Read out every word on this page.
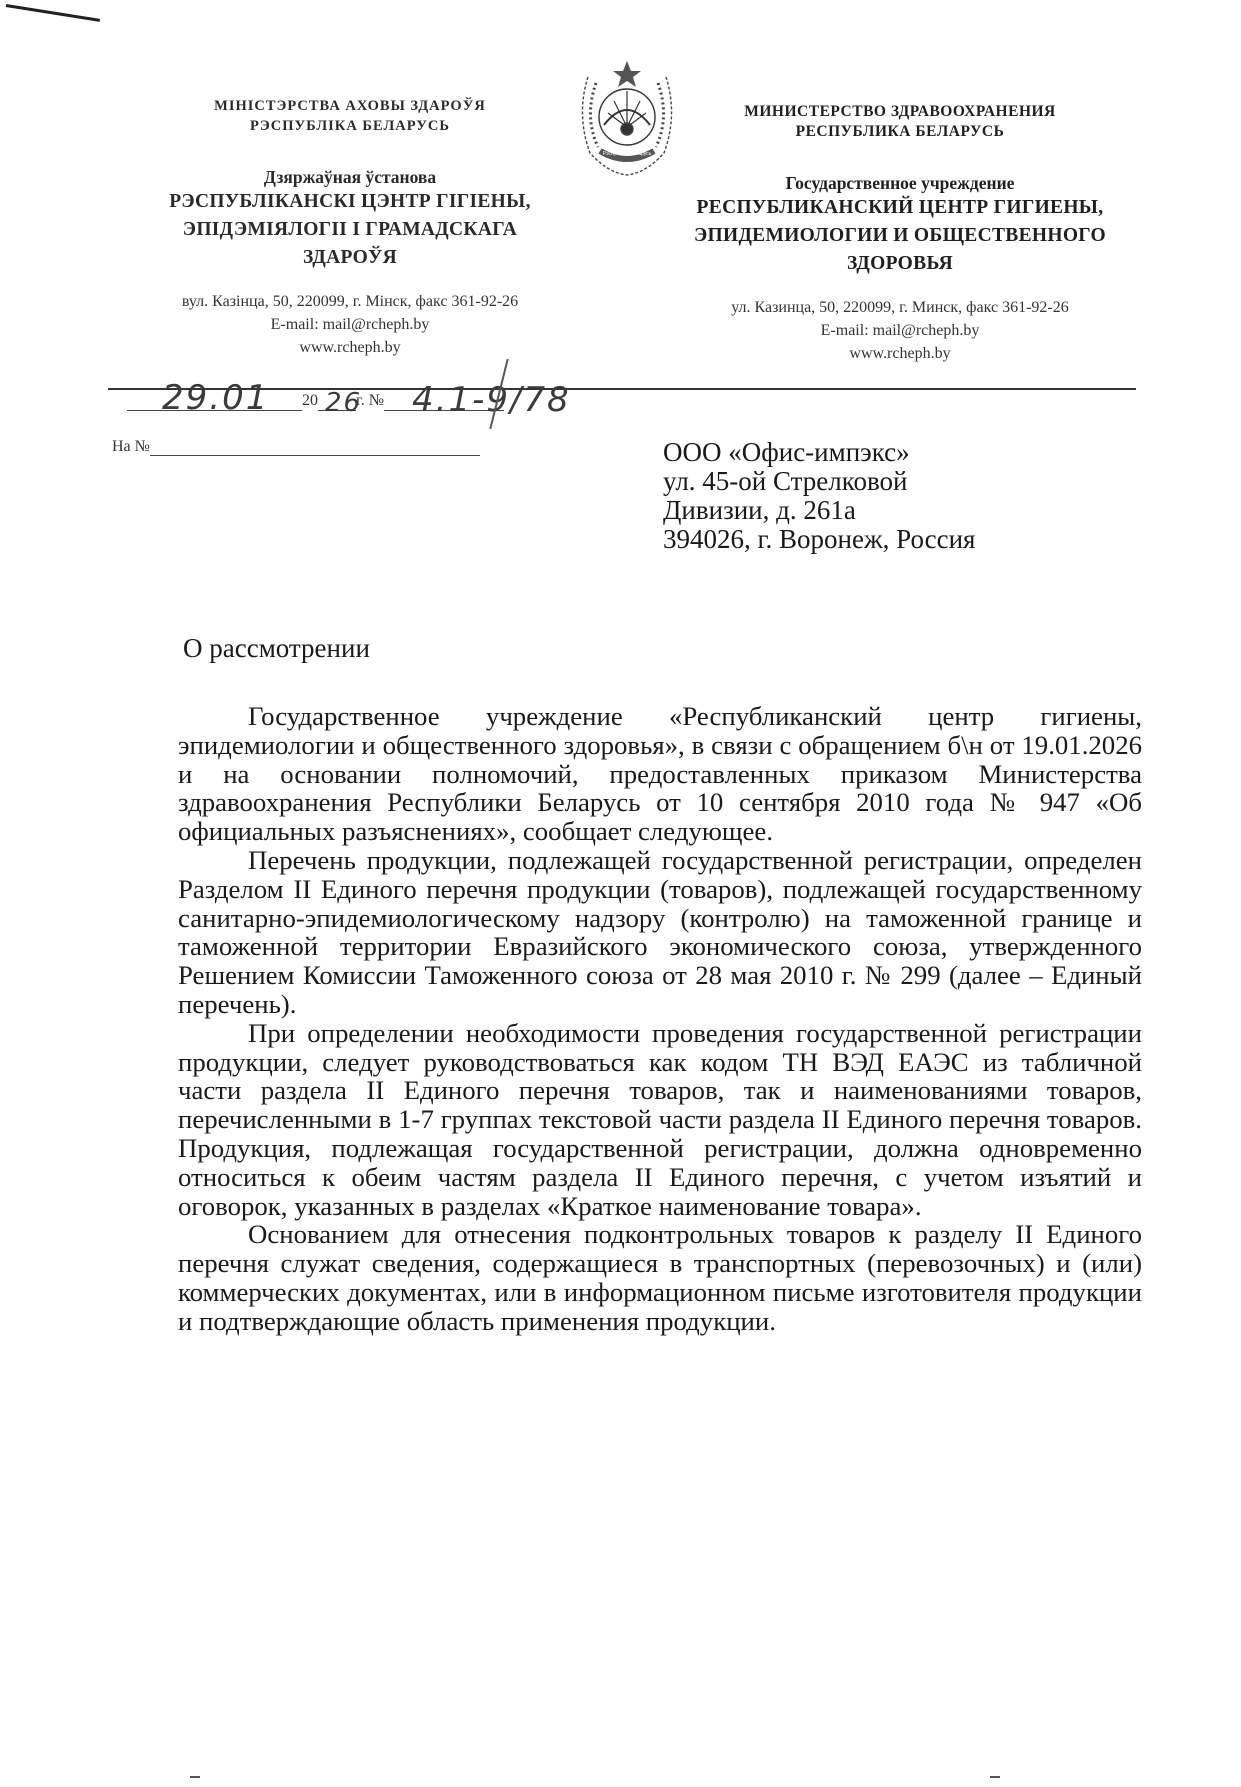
МІНІСТЭРСТВА АХОВЫ ЗДАРОЎЯ
РЭСПУБЛІКА БЕЛАРУСЬ
Дзяржаўная ўстанова
РЭСПУБЛІКАНСКІ ЦЭНТР ГІГІЕНЫ,
ЭПІДЭМІЯЛОГІІ І ГРАМАДСКАГА
ЗДАРОЎЯ
вул. Казінца, 50, 220099, г. Мінск, факс 361-92-26
E-mail: mail@rcheph.by
www.rcheph.by
Рэспубліка Беларусь
МИНИСТЕРСТВО ЗДРАВООХРАНЕНИЯ
РЕСПУБЛИКА БЕЛАРУСЬ
Государственное учреждение
РЕСПУБЛИКАНСКИЙ ЦЕНТР ГИГИЕНЫ,
ЭПИДЕМИОЛОГИИ И ОБЩЕСТВЕННОГО
ЗДОРОВЬЯ
ул. Казинца, 50, 220099, г. Минск, факс 361-92-26
E-mail: mail@rcheph.by
www.rcheph.by
20 г. №
29.01 26 4.1-9/78
На №	ООО «Офис-импэкс»
ул. 45-ой Стрелковой
Дивизии, д. 261а
394026, г. Воронеж, Россия
О рассмотрении

Государственное учреждение «Республиканский центр гигиены, эпидемиологии и общественного здоровья», в связи с обращением б\н от 19.01.2026 и на основании полномочий, предоставленных приказом Министерства здравоохранения Республики Беларусь от 10 сентября 2010 года № 947 «Об официальных разъяснениях», сообщает следующее.

Перечень продукции, подлежащей государственной регистрации, определен Разделом II Единого перечня продукции (товаров), подлежащей государственному санитарно-эпидемиологическому надзору (контролю) на таможенной границе и таможенной территории Евразийского экономического союза, утвержденного Решением Комиссии Таможенного союза от 28 мая 2010 г. № 299 (далее – Единый перечень).

При определении необходимости проведения государственной регистрации продукции, следует руководствоваться как кодом ТН ВЭД ЕАЭС из табличной части раздела II Единого перечня товаров, так и наименованиями товаров, перечисленными в 1-7 группах текстовой части раздела II Единого перечня товаров. Продукция, подлежащая государственной регистрации, должна одновременно относиться к обеим частям раздела II Единого перечня, с учетом изъятий и оговорок, указанных в разделах «Краткое наименование товара».

Основанием для отнесения подконтрольных товаров к разделу II Единого перечня служат сведения, содержащиеся в транспортных (перевозочных) и (или) коммерческих документах, или в информационном письме изготовителя продукции и подтверждающие область применения продукции.
